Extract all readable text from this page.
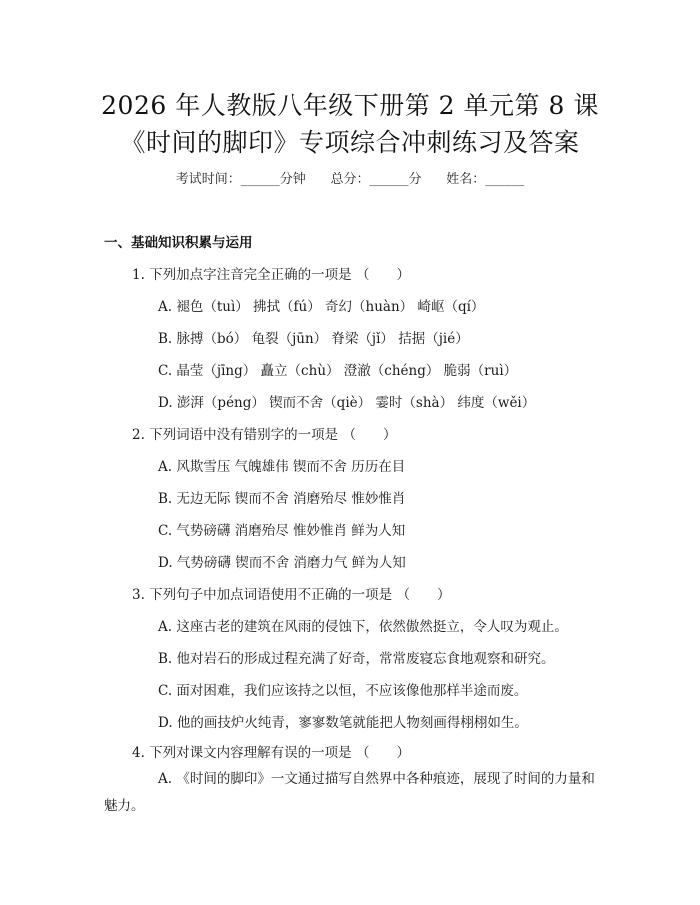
2026 年人教版八年级下册第 2 单元第 8 课
《时间的脚印》专项综合冲刺练习及答案
考试时间：______分钟      总分：______分      姓名：______
一、基础知识积累与运用
1. 下列加点字注音完全正确的一项是 （　　）
A. 褪色（tuì） 拂拭（fú） 奇幻（huàn） 崎岖（qí）
B. 脉搏（bó） 龟裂（jūn） 脊梁（jǐ） 拮据（jié）
C. 晶莹（jīng） 矗立（chù） 澄澈（chéng） 脆弱（ruì）
D. 澎湃（péng） 锲而不舍（qiè） 霎时（shà） 纬度（wěi）
2. 下列词语中没有错别字的一项是 （　　）
A. 风欺雪压 气魄雄伟 锲而不舍 历历在目
B. 无边无际 锲而不舍 消磨殆尽 惟妙惟肖
C. 气势磅礴 消磨殆尽 惟妙惟肖 鲜为人知
D. 气势磅礴 锲而不舍 消磨力气 鲜为人知
3. 下列句子中加点词语使用不正确的一项是 （　　）
A. 这座古老的建筑在风雨的侵蚀下，依然傲然挺立，令人叹为观止。
B. 他对岩石的形成过程充满了好奇，常常废寝忘食地观察和研究。
C. 面对困难，我们应该持之以恒，不应该像他那样半途而废。
D. 他的画技炉火纯青，寥寥数笔就能把人物刻画得栩栩如生。
4. 下列对课文内容理解有误的一项是 （　　）
A. 《时间的脚印》一文通过描写自然界中各种痕迹，展现了时间的力量和魅力。
